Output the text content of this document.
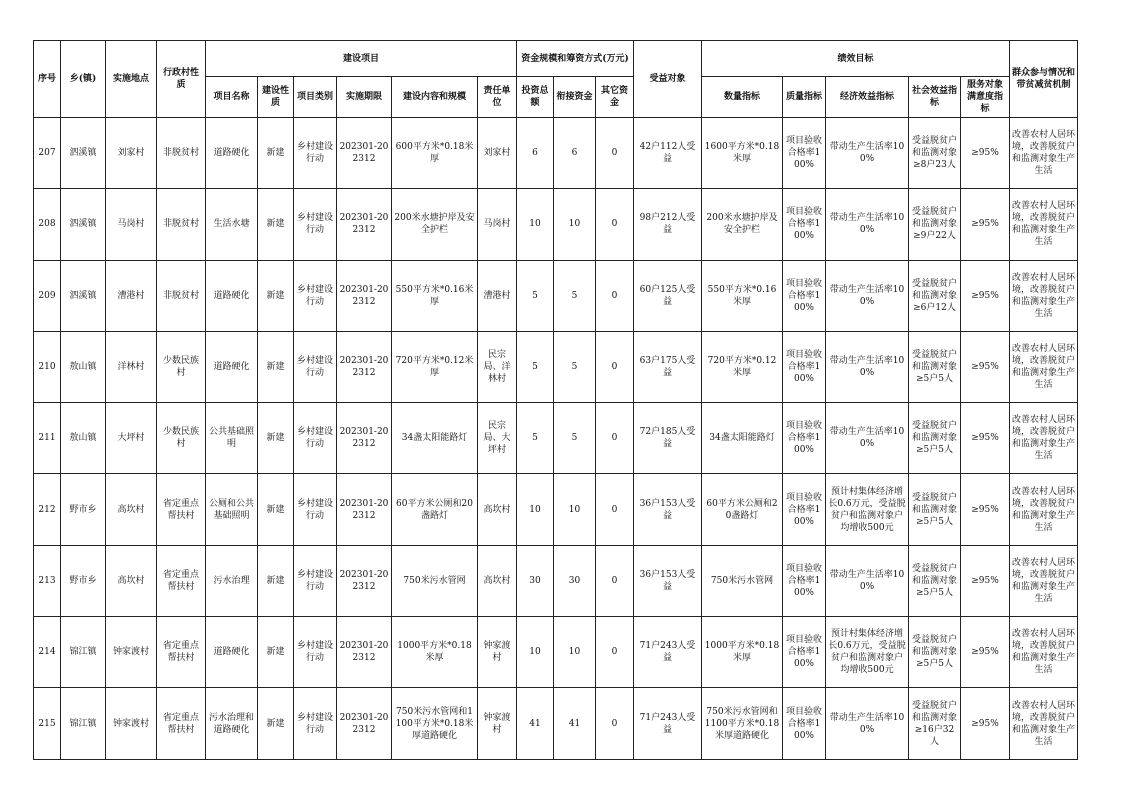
序号	乡(镇)	实施地点	行政村性质	建设项目						资金规模和筹资方式(万元)			受益对象	绩效目标					群众参与情况和带贫减贫机制
				项目名称	建设性质	项目类别	实施期限	建设内容和规模	责任单位	投资总额	衔接资金	其它资金		数量指标	质量指标	经济效益指标	社会效益指标	服务对象满意度指标	
207	泗溪镇	刘家村	非脱贫村	道路硬化	新建	乡村建设行动	202301-202312	600平方米*0.18米厚	刘家村	6	6	0	42户112人受益	1600平方米*0.18米厚	项目验收合格率100%	带动生产生活率100%	受益脱贫户和监测对象≥8户23人	≥95%	改善农村人居环境，改善脱贫户和监测对象生产生活
208	泗溪镇	马岗村	非脱贫村	生活水塘	新建	乡村建设行动	202301-202312	200米水塘护岸及安全护栏	马岗村	10	10	0	98户212人受益	200米水塘护岸及安全护栏	项目验收合格率100%	带动生产生活率100%	受益脱贫户和监测对象≥9户22人	≥95%	改善农村人居环境，改善脱贫户和监测对象生产生活
209	泗溪镇	漕港村	非脱贫村	道路硬化	新建	乡村建设行动	202301-202312	550平方米*0.16米厚	漕港村	5	5	0	60户125人受益	550平方米*0.16米厚	项目验收合格率100%	带动生产生活率100%	受益脱贫户和监测对象≥6户12人	≥95%	改善农村人居环境，改善脱贫户和监测对象生产生活
210	敖山镇	洋林村	少数民族村	道路硬化	新建	乡村建设行动	202301-202312	720平方米*0.12米厚	民宗局、洋林村	5	5	0	63户175人受益	720平方米*0.12米厚	项目验收合格率100%	带动生产生活率100%	受益脱贫户和监测对象≥5户5人	≥95%	改善农村人居环境，改善脱贫户和监测对象生产生活
211	敖山镇	大坪村	少数民族村	公共基础照明	新建	乡村建设行动	202301-202312	34盏太阳能路灯	民宗局、大坪村	5	5	0	72户185人受益	34盏太阳能路灯	项目验收合格率100%	带动生产生活率100%	受益脱贫户和监测对象≥5户5人	≥95%	改善农村人居环境，改善脱贫户和监测对象生产生活
212	野市乡	高坎村	省定重点帮扶村	公厕和公共基础照明	新建	乡村建设行动	202301-202312	60平方米公厕和20盏路灯	高坎村	10	10	0	36户153人受益	60平方米公厕和20盏路灯	项目验收合格率100%	预计村集体经济增长0.6万元，受益脱贫户和监测对象户均增收500元	受益脱贫户和监测对象≥5户5人	≥95%	改善农村人居环境，改善脱贫户和监测对象生产生活
213	野市乡	高坎村	省定重点帮扶村	污水治理	新建	乡村建设行动	202301-202312	750米污水管网	高坎村	30	30	0	36户153人受益	750米污水管网	项目验收合格率100%	带动生产生活率100%	受益脱贫户和监测对象≥5户5人	≥95%	改善农村人居环境，改善脱贫户和监测对象生产生活
214	锦江镇	钟家渡村	省定重点帮扶村	道路硬化	新建	乡村建设行动	202301-202312	1000平方米*0.18米厚	钟家渡村	10	10	0	71户243人受益	1000平方米*0.18米厚	项目验收合格率100%	预计村集体经济增长0.6万元，受益脱贫户和监测对象户均增收500元	受益脱贫户和监测对象≥5户5人	≥95%	改善农村人居环境，改善脱贫户和监测对象生产生活
215	锦江镇	钟家渡村	省定重点帮扶村	污水治理和道路硬化	新建	乡村建设行动	202301-202312	750米污水管网和1100平方米*0.18米厚道路硬化	钟家渡村	41	41	0	71户243人受益	750米污水管网和1100平方米*0.18米厚道路硬化	项目验收合格率100%	带动生产生活率100%	受益脱贫户和监测对象≥16户32人	≥95%	改善农村人居环境，改善脱贫户和监测对象生产生活
